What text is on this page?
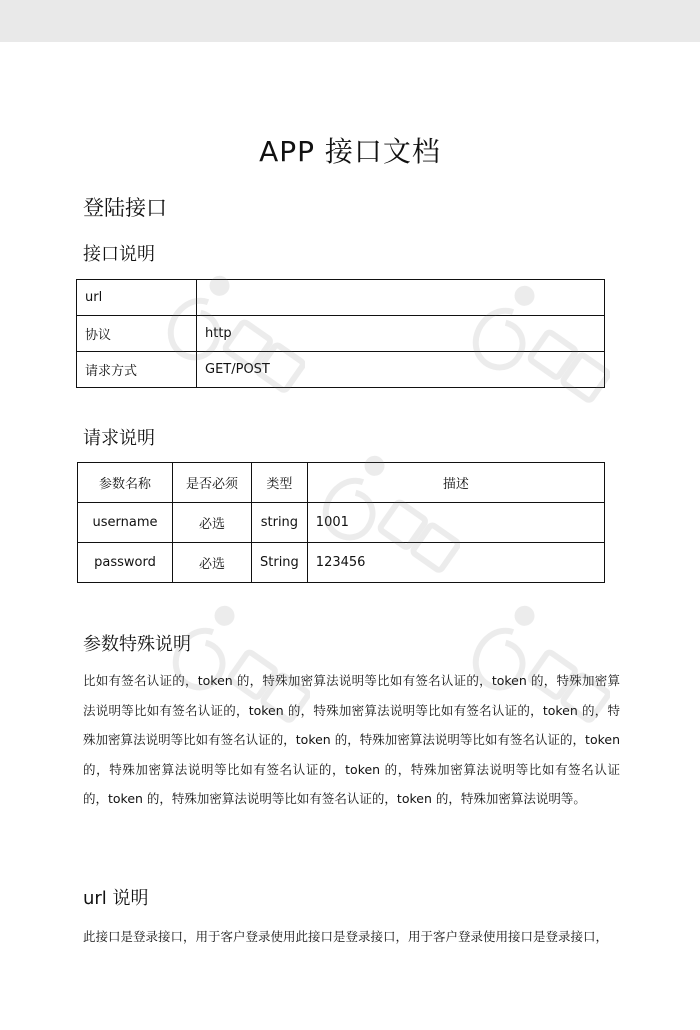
APP 接口文档
登陆接口
接口说明
url	
协议	http
请求方式	GET/POST
请求说明
参数名称	是否必须	类型	描述
username	必选	string	1001
password	必选	String	123456
参数特殊说明
比如有签名认证的，token 的，特殊加密算法说明等比如有签名认证的，token 的，特殊加密算法说明等比如有签名认证的，token 的，特殊加密算法说明等比如有签名认证的，token 的，特殊加密算法说明等比如有签名认证的，token 的，特殊加密算法说明等比如有签名认证的，token 的，特殊加密算法说明等比如有签名认证的，token 的，特殊加密算法说明等比如有签名认证的，token 的，特殊加密算法说明等比如有签名认证的，token 的，特殊加密算法说明等。
url 说明
此接口是登录接口，用于客户登录使用此接口是登录接口，用于客户登录使用接口是登录接口，
